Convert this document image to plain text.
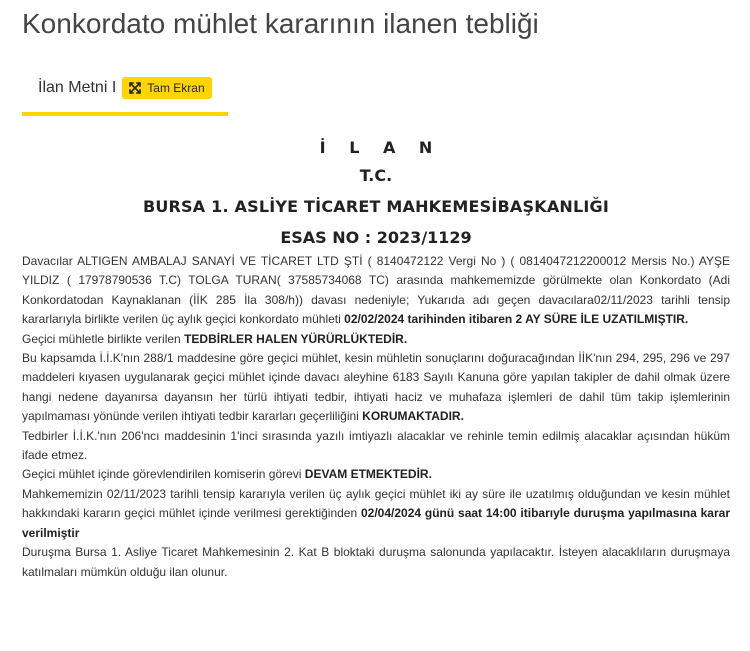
Konkordato mühlet kararının ilanen tebliği
İlan Metni I	Tam Ekran

İ L A N

T.C.

BURSA 1. ASLİYE TİCARET MAHKEMESİBAŞKANLIĞI

ESAS NO : 2023/1129

Davacılar ALTIGEN AMBALAJ SANAYİ VE TİCARET LTD ŞTİ ( 8140472122 Vergi No ) ( 0814047212200012 Mersis No.) AYŞE YILDIZ ( 17978790536 T.C) TOLGA TURAN( 37585734068 TC) arasında mahkememizde görülmekte olan Konkordato (Adi Konkordatodan Kaynaklanan (İİK 285 İla 308/h)) davası nedeniyle; Yukarıda adı geçen davacılara02/11/2023 tarihli tensip kararlarıyla birlikte verilen üç aylık geçici konkordato mühleti 02/02/2024 tarihinden itibaren 2 AY SÜRE İLE UZATILMIŞTIR.

Geçici mühletle birlikte verilen TEDBİRLER HALEN YÜRÜRLÜKTEDİR.

Bu kapsamda İ.İ.K'nın 288/1 maddesine göre geçici mühlet, kesin mühletin sonuçlarını doğuracağından İİK'nın 294, 295, 296 ve 297 maddeleri kıyasen uygulanarak geçici mühlet içinde davacı aleyhine 6183 Sayılı Kanuna göre yapılan takipler de dahil olmak üzere hangi nedene dayanırsa dayansın her türlü ihtiyati tedbir, ihtiyati haciz ve muhafaza işlemleri de dahil tüm takip işlemlerinin yapılmaması yönünde verilen ihtiyati tedbir kararları geçerliliğini KORUMAKTADIR.

Tedbirler İ.İ.K.'nın 206'ncı maddesinin 1'inci sırasında yazılı imtiyazlı alacaklar ve rehinle temin edilmiş alacaklar açısından hüküm ifade etmez.

Geçici mühlet içinde görevlendirilen komiserin görevi DEVAM ETMEKTEDİR.

Mahkememizin 02/11/2023 tarihli tensip kararıyla verilen üç aylık geçici mühlet iki ay süre ile uzatılmış olduğundan ve kesin mühlet hakkındaki kararın geçici mühlet içinde verilmesi gerektiğinden 02/04/2024 günü saat 14:00 itibarıyle duruşma yapılmasına karar verilmiştir

Duruşma Bursa 1. Asliye Ticaret Mahkemesinin 2. Kat B bloktaki duruşma salonunda yapılacaktır. İsteyen alacaklıların duruşmaya katılmaları mümkün olduğu ilan olunur.
